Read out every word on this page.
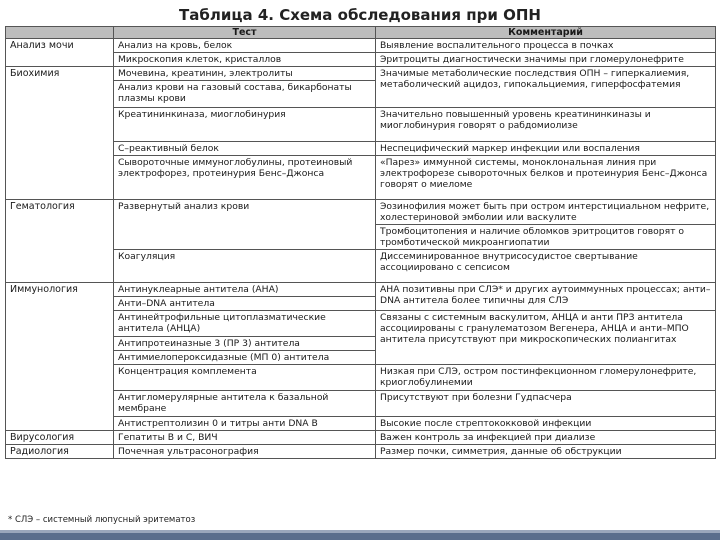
Таблица 4. Схема обследования при ОПН
	Тест	Комментарий
Анализ мочи	Анализ на кровь, белок	Выявление воспалительного процесса в почках
	Микроскопия клеток, кристаллов	Эритроциты диагностически значимы при гломерулонефрите
Биохимия	Мочевина, креатинин, электролиты	Значимые метаболические последствия ОПН – гиперкалиемия, метаболический ацидоз, гипокальциемия, гиперфосфатемия
	Анализ крови на газовый состава, бикарбонаты плазмы крови	
	Креатининкиназа, миоглобинурия	Значительно повышенный уровень креатининкиназы и миоглобинурия говорят о рабдомиолизе
	С–реактивный белок	Неспецифический маркер инфекции или воспаления
	Сывороточные иммуноглобулины, протеиновый электрофорез, протеинурия Бенс–Джонса	«Парез» иммунной системы, моноклональная линия при электрофорезе сывороточных белков и протеинурия Бенс–Джонса говорят о миеломе
Гематология	Развернутый анализ крови	Эозинофилия может быть при остром интерстициальном нефрите, холестериновой эмболии или васкулите
		Тромбоцитопения и наличие обломков эритроцитов говорят о тромботической микроангиопатии
	Коагуляция	Диссеминированное внутрисосудистое свертывание ассоциировано с сепсисом
Иммунология	Антинуклеарные антитела (АНА)	АНА позитивны при СЛЭ* и других аутоиммунных процессах; анти– DNA антитела более типичны для СЛЭ
	Анти–DNA антитела	
	Антинейтрофильные цитоплазматические антитела (АНЦА)	Связаны с системным васкулитом, АНЦА и анти ПРЗ антитела ассоциированы с гранулематозом Вегенера, АНЦА и анти–МПО антитела присутствуют при микроскопических полиангитах
	Антипротеиназные 3 (ПР 3) антитела	
	Антимиелопероксидазные (МП 0) антитела	
	Концентрация комплемента	Низкая при СЛЭ, остром постинфекционном гломерулонефрите, криоглобулинемии
	Антигломерулярные антитела к базальной мембране	Присутствуют при болезни Гудпасчера
	Антистрептолизин 0 и титры анти DNA B	Высокие после стрептококковой инфекции
Вирусология	Гепатиты В и С, ВИЧ	Важен контроль за инфекцией при диализе
Радиология	Почечная ультрасонография	Размер почки, симметрия, данные об обструкции
* СЛЭ – системный люпусный эритематоз
